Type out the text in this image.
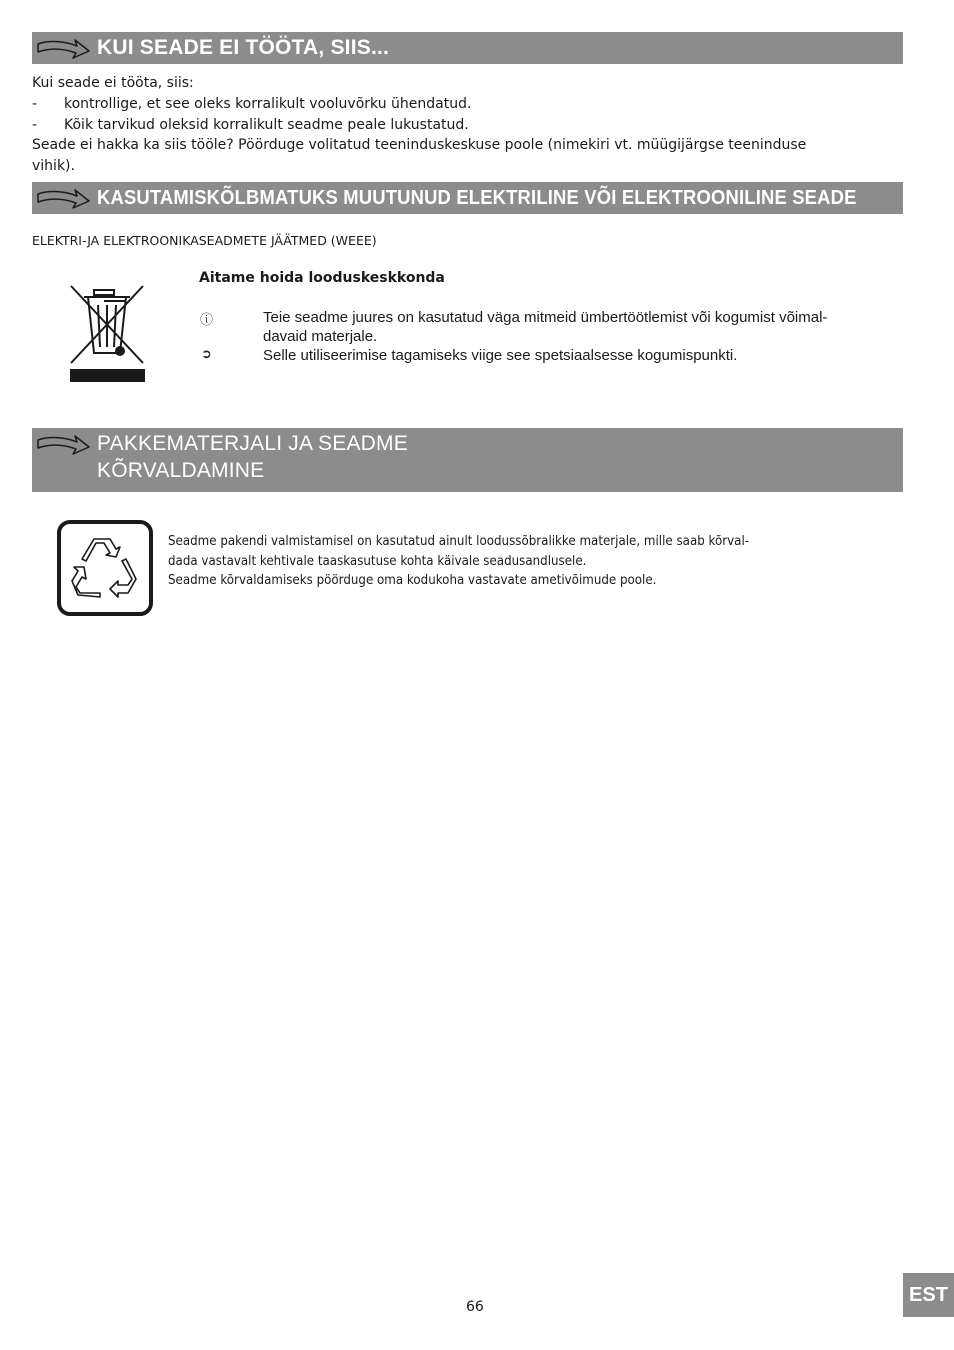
KUI SEADE EI TÖÖTA, SIIS...
Kui seade ei tööta, siis:
- kontrollige, et see oleks korralikult vooluvõrku ühendatud.
- Kõik tarvikud oleksid korralikult seadme peale lukustatud.
Seade ei hakka ka siis tööle? Pöörduge volitatud teeninduskeskuse poole (nimekiri vt. müügijärgse teeninduse
vihik).
KASUTAMISKÕLBMATUKS MUUTUNUD ELEKTRILINE VÕI ELEKTROONILINE SEADE
ELEKTRI-JA ELEKTROONIKASEADMETE JÄÄTMED (WEEE)
Aitame hoida looduskeskkonda
ⓘ	Teie seadme juures on kasutatud väga mitmeid ümbertöötlemist või kogumist võimal-
davaid materjale.
➲	Selle utiliseerimise tagamiseks viige see spetsiaalsesse kogumispunkti.
PAKKEMATERJALI JA SEADME
KÕRVALDAMINE
Seadme pakendi valmistamisel on kasutatud ainult loodussõbralikke materjale, mille saab kõrval-
dada vastavalt kehtivale taaskasutuse kohta käivale seadusandlusele.
Seadme kõrvaldamiseks pöörduge oma kodukoha vastavate ametivõimude poole.
66
EST
